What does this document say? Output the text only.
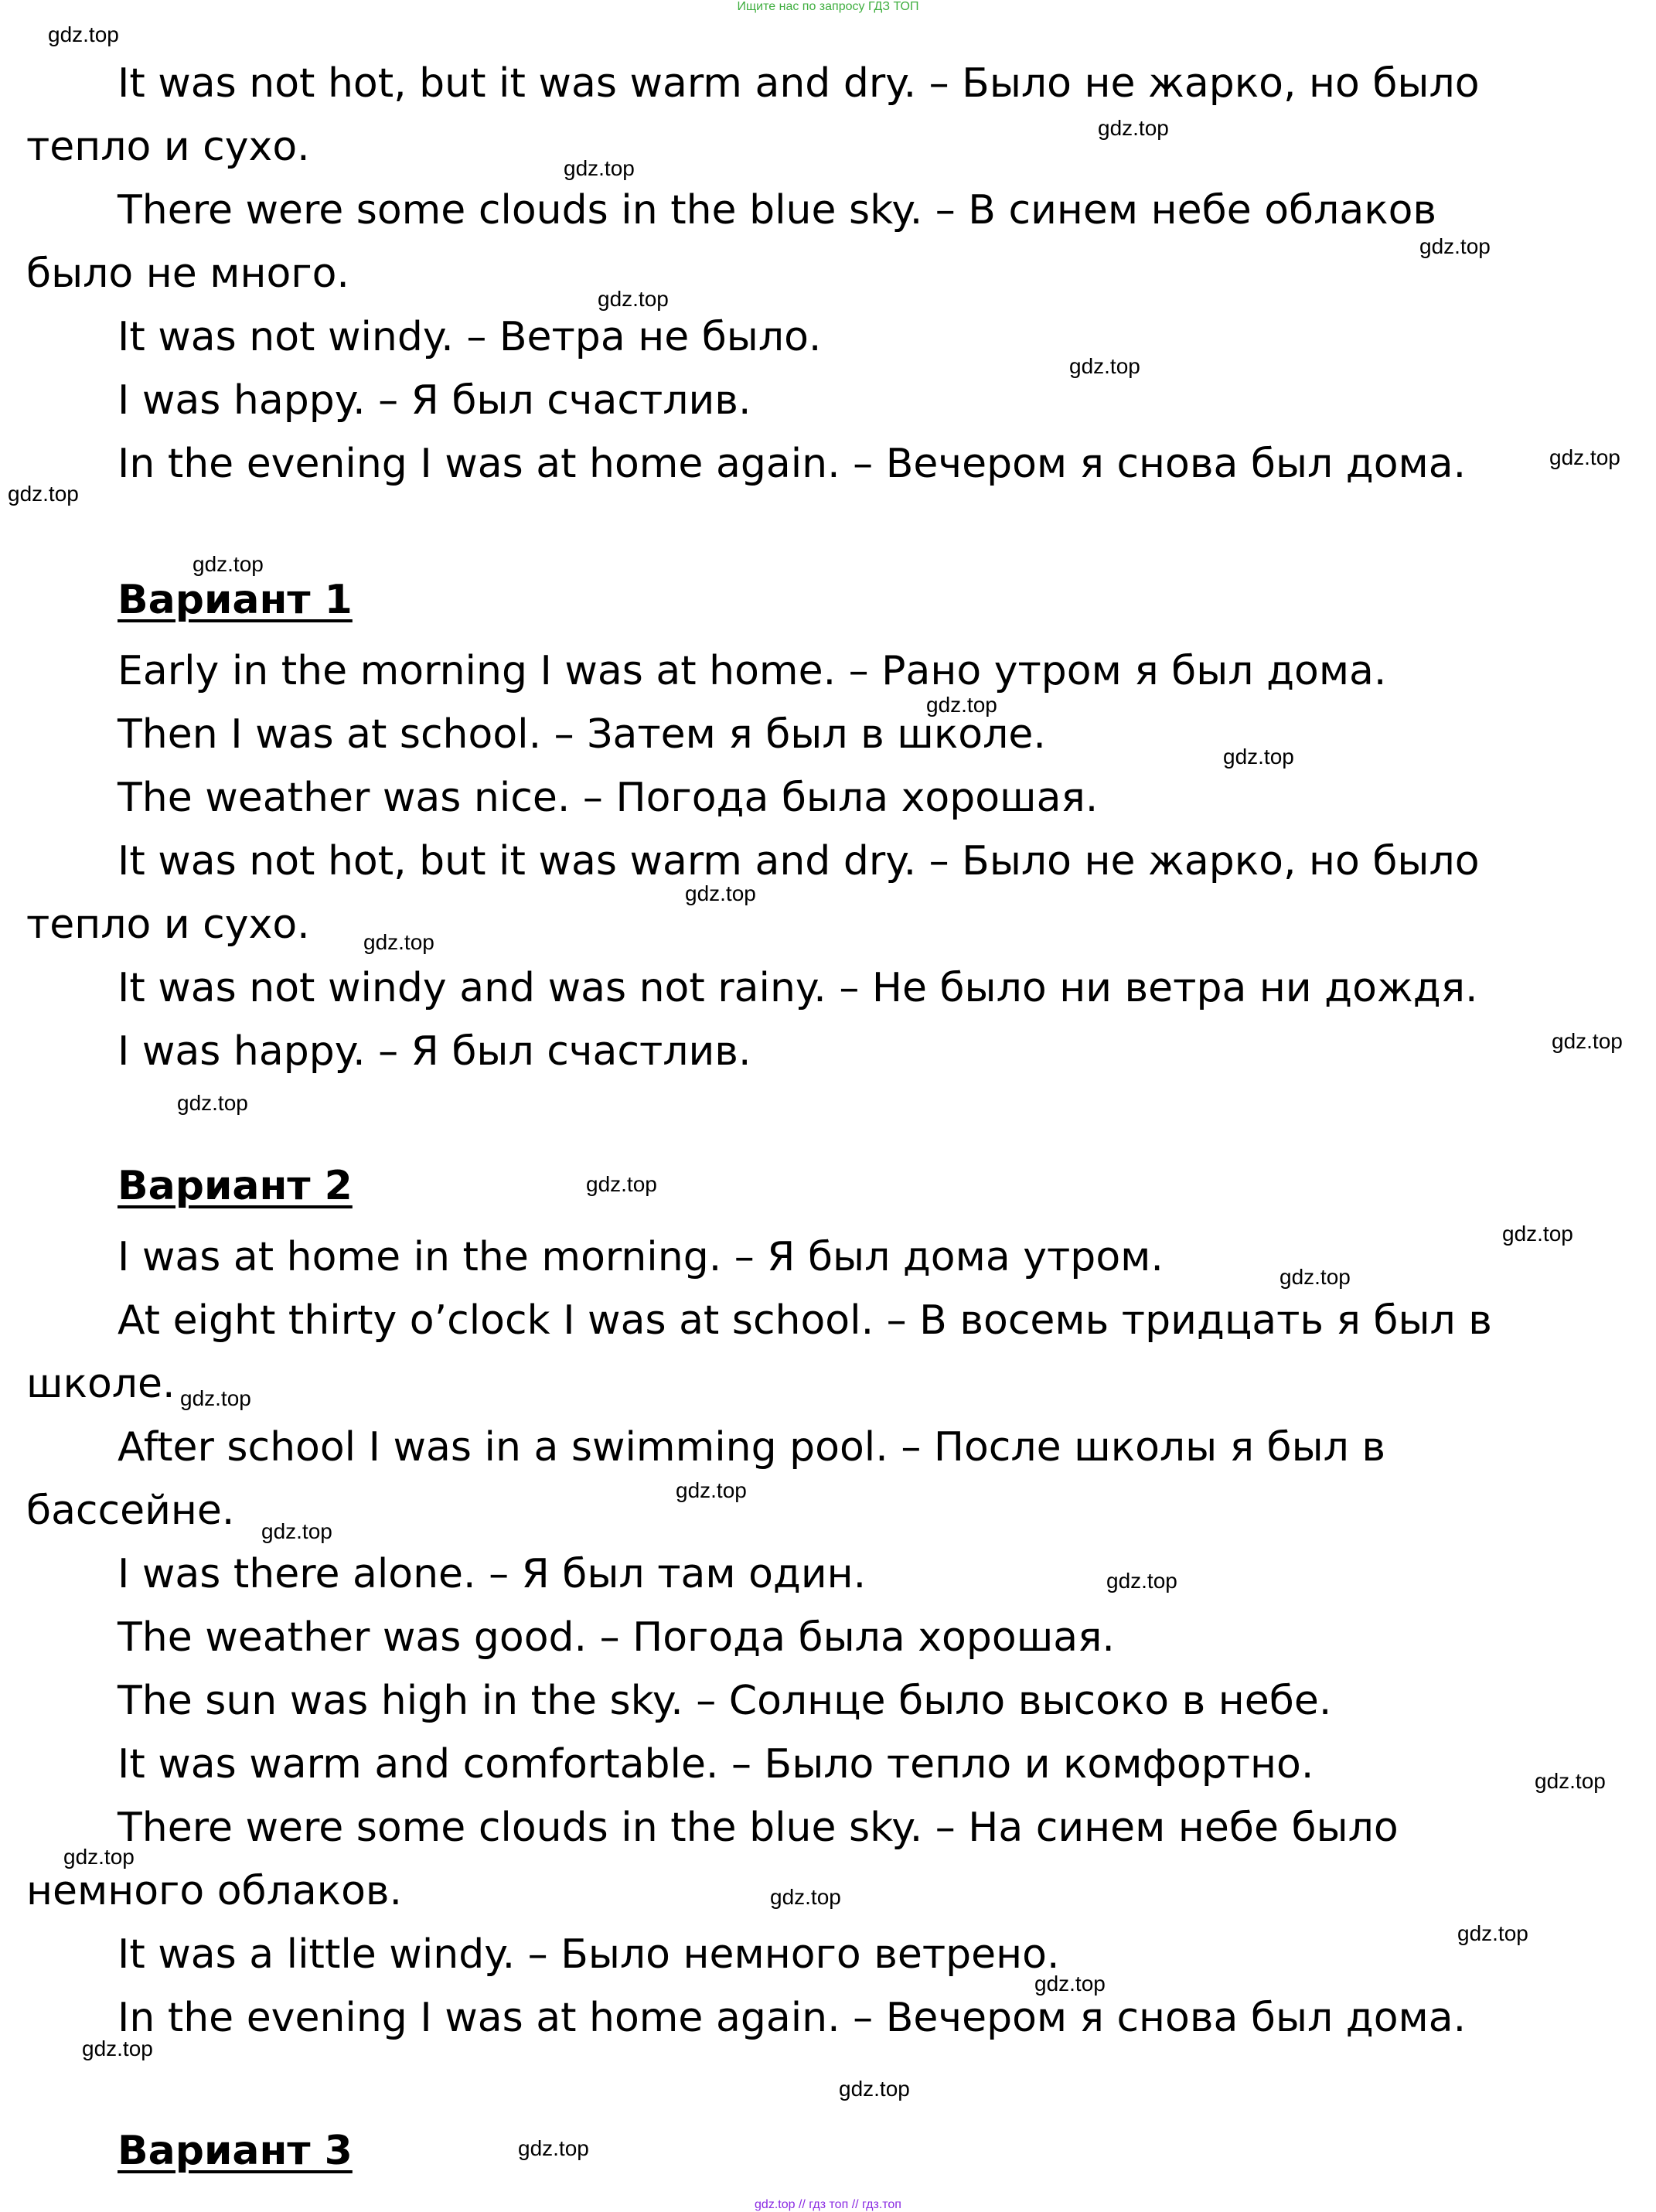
Ищите нас по запросу ГДЗ ТОП

It was not hot, but it was warm and dry. – Было не жарко, но было

тепло и сухо.

There were some clouds in the blue sky. – В синем небе облаков

было не много.

It was not windy. – Ветра не было.

I was happy. – Я был счастлив.

In the evening I was at home again. – Вечером я снова был дома.

Вариант 1

Early in the morning I was at home. – Рано утром я был дома.

Then I was at school. – Затем я был в школе.

The weather was nice. – Погода была хорошая.

It was not hot, but it was warm and dry. – Было не жарко, но было

тепло и сухо.

It was not windy and was not rainy. – Не было ни ветра ни дождя.

I was happy. – Я был счастлив.

Вариант 2

I was at home in the morning. – Я был дома утром.

At eight thirty o’clock I was at school. – В восемь тридцать я был в

школе.

After school I was in a swimming pool. – После школы я был в

бассейне.

I was there alone. – Я был там один.

The weather was good. – Погода была хорошая.

The sun was high in the sky. – Солнце было высоко в небе.

It was warm and comfortable. – Было тепло и комфортно.

There were some clouds in the blue sky. – На синем небе было

немного облаков.

It was a little windy. – Было немного ветрено.

In the evening I was at home again. – Вечером я снова был дома.

Вариант 3

gdz.top
gdz.top
gdz.top
gdz.top
gdz.top
gdz.top
gdz.top
gdz.top
gdz.top
gdz.top
gdz.top
gdz.top
gdz.top
gdz.top
gdz.top
gdz.top
gdz.top
gdz.top
gdz.top
gdz.top
gdz.top
gdz.top
gdz.top
gdz.top
gdz.top
gdz.top
gdz.top
gdz.top
gdz.top
gdz.top
gdz.top // гдз топ // гдз.топ
